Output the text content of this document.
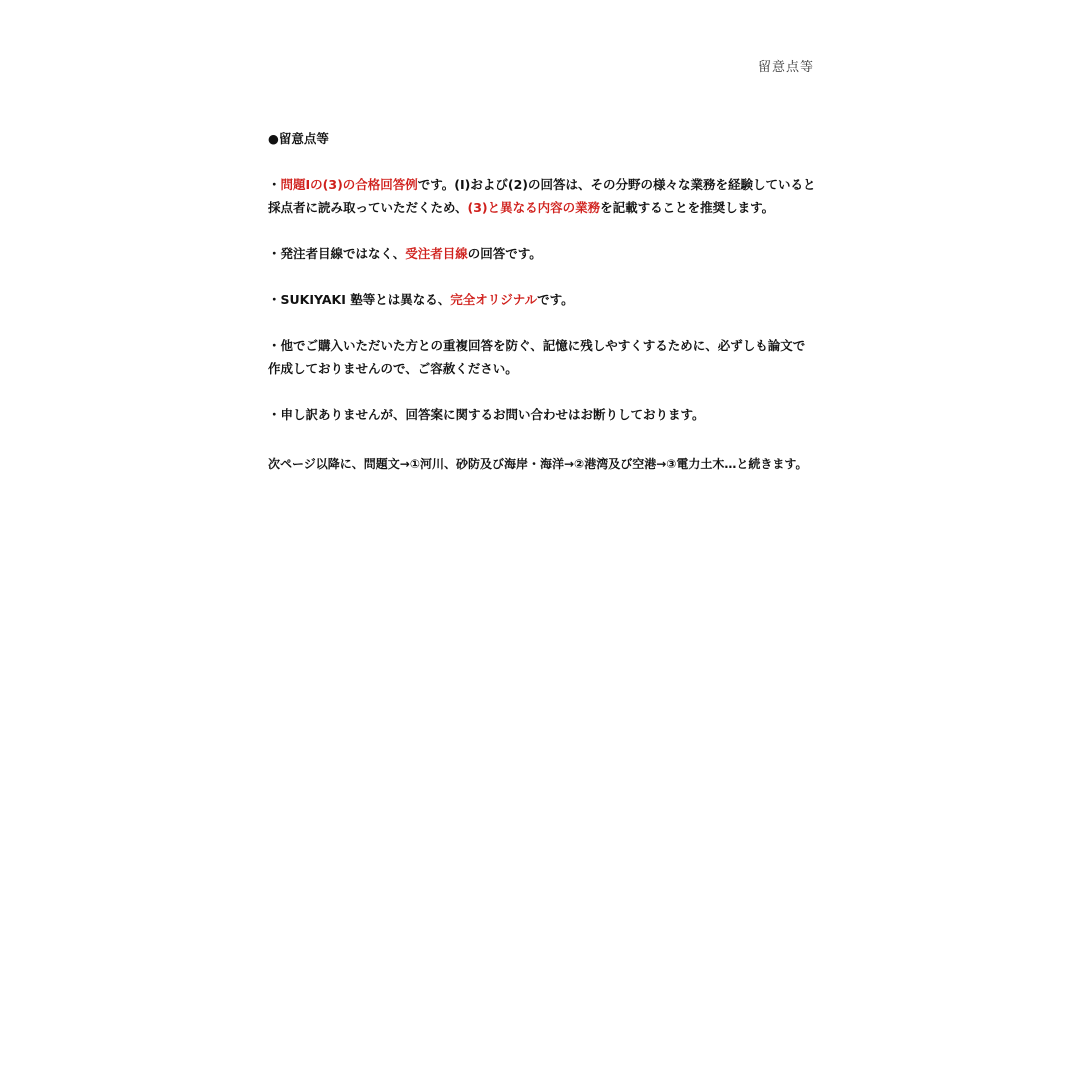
留意点等

●留意点等

・問題Ⅰの(3)の合格回答例です。(Ⅰ)および(2)の回答は、その分野の様々な業務を経験していると採点者に読み取っていただくため、(3)と異なる内容の業務を記載することを推奨します。

・発注者目線ではなく、受注者目線の回答です。

・SUKIYAKI 塾等とは異なる、完全オリジナルです。

・他でご購入いただいた方との重複回答を防ぐ、記憶に残しやすくするために、必ずしも論文で作成しておりませんので、ご容赦ください。

・申し訳ありませんが、回答案に関するお問い合わせはお断りしております。

次ページ以降に、問題文→①河川、砂防及び海岸・海洋→②港湾及び空港→③電力土木…と続きます。
